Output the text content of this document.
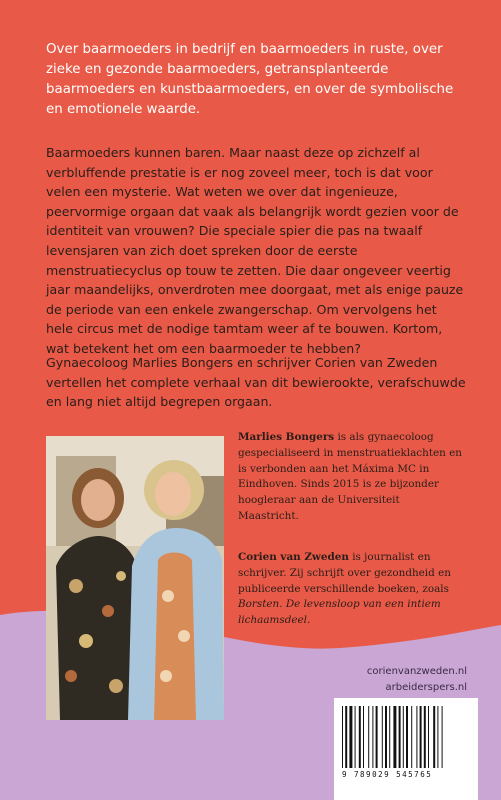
Over baarmoeders in bedrijf en baarmoeders in ruste, over zieke en gezonde baarmoeders, getransplanteerde baarmoeders en kunstbaarmoeders, en over de symbolische en emotionele waarde.

Baarmoeders kunnen baren. Maar naast deze op zichzelf al verbluffende prestatie is er nog zoveel meer, toch is dat voor velen een mysterie. Wat weten we over dat ingenieuze, peervormige orgaan dat vaak als belangrijk wordt gezien voor de identiteit van vrouwen? Die speciale spier die pas na twaalf levensjaren van zich doet spreken door de eerste menstruatiecyclus op touw te zetten. Die daar ongeveer veertig jaar maandelijks, onverdroten mee doorgaat, met als enige pauze de periode van een enkele zwangerschap. Om vervolgens het hele circus met de nodige tamtam weer af te bouwen. Kortom, wat betekent het om een baarmoeder te hebben?

Gynaecoloog Marlies Bongers en schrijver Corien van Zweden vertellen het complete verhaal van dit bewierookte, verafschuwde en lang niet altijd begrepen orgaan.

Marlies Bongers is als gynaecoloog gespecialiseerd in menstruatieklachten en is verbonden aan het Máxima MC in Eindhoven. Sinds 2015 is ze bijzonder hoogleraar aan de Universiteit Maastricht.

Corien van Zweden is journalist en schrijver. Zij schrijft over gezondheid en publiceerde verschillende boeken, zoals Borsten. De levensloop van een intiem lichaamsdeel.

corienvanzweden.nl
arbeiderspers.nl
9 789029 545765
